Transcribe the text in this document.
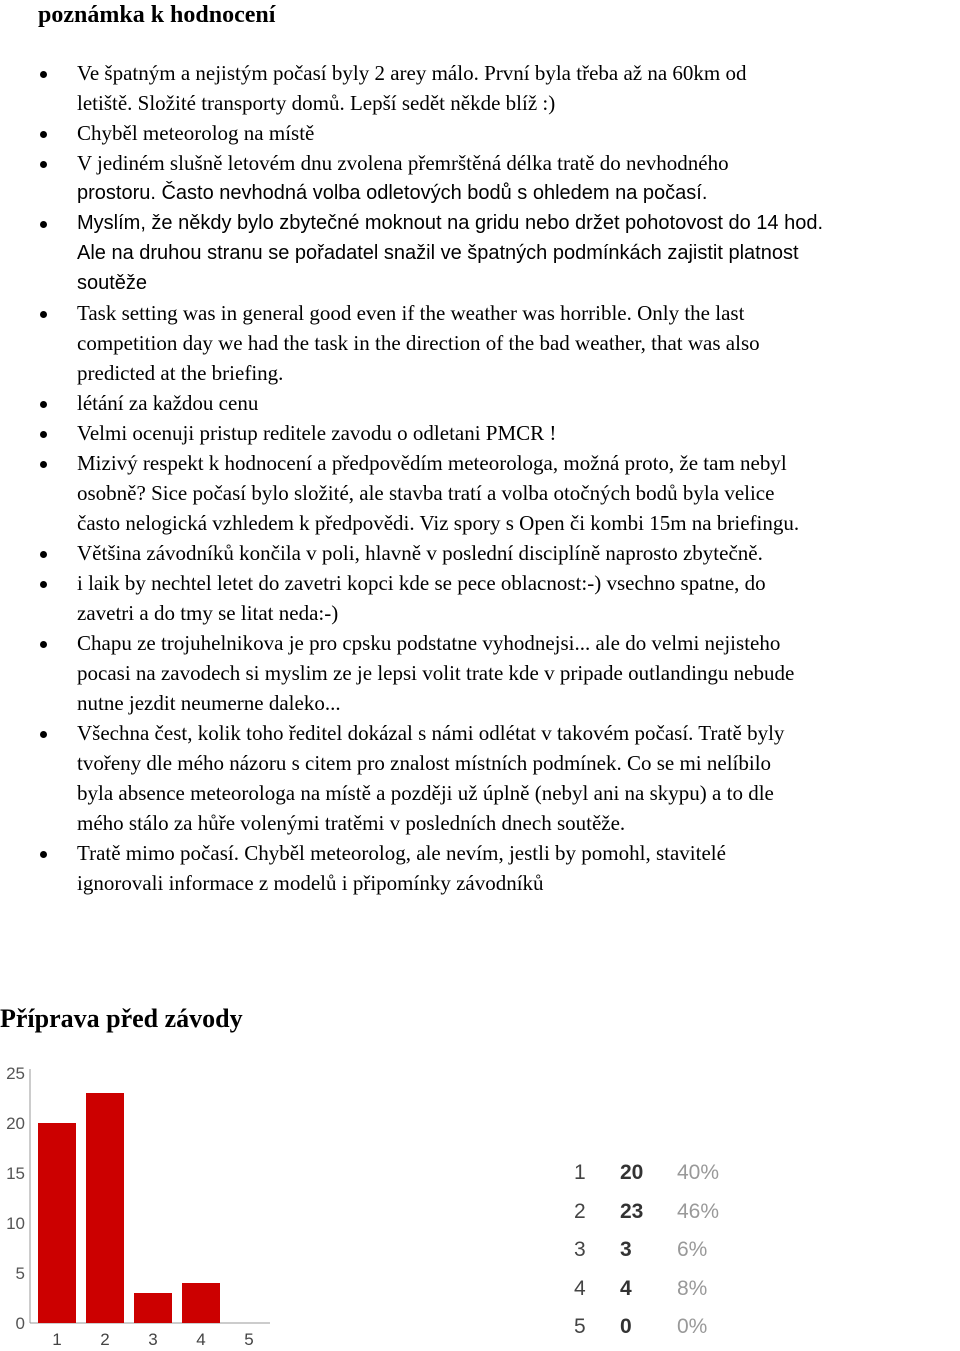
poznámka k hodnocení
Ve špatným a nejistým počasí byly 2 arey málo. První byla třeba až na 60km od
letiště. Složité transporty domů. Lepší sedět někde blíž :)
Chyběl meteorolog na místě
V jediném slušně letovém dnu zvolena přemrštěná délka tratě do nevhodného
prostoru. Často nevhodná volba odletových bodů s ohledem na počasí.
Myslím, že někdy bylo zbytečné moknout na gridu nebo držet pohotovost do 14 hod.
Ale na druhou stranu se pořadatel snažil ve špatných podmínkách zajistit platnost
soutěže
Task setting was in general good even if the weather was horrible. Only the last
competition day we had the task in the direction of the bad weather, that was also
predicted at the briefing.
létání za každou cenu
Velmi ocenuji pristup reditele zavodu o odletani PMCR !
Mizivý respekt k hodnocení a předpovědím meteorologa, možná proto, že tam nebyl
osobně? Sice počasí bylo složité, ale stavba tratí a volba otočných bodů byla velice
často nelogická vzhledem k předpovědi. Viz spory s Open či kombi 15m na briefingu.
Většina závodníků končila v poli, hlavně v poslední disciplíně naprosto zbytečně.
i laik by nechtel letet do zavetri kopci kde se pece oblacnost:-) vsechno spatne, do
zavetri a do tmy se litat neda:-)
Chapu ze trojuhelnikova je pro cpsku podstatne vyhodnejsi... ale do velmi nejisteho
pocasi na zavodech si myslim ze je lepsi volit trate kde v pripade outlandingu nebude
nutne jezdit neumerne daleko...
Všechna čest, kolik toho ředitel dokázal s námi odlétat v takovém počasí. Tratě byly
tvořeny dle mého názoru s citem pro znalost místních podmínek. Co se mi nelíbilo
byla absence meteorologa na místě a později už úplně (nebyl ani na skypu) a to dle
mého stálo za hůře volenými tratěmi v posledních dnech soutěže.
Tratě mimo počasí. Chyběl meteorolog, ale nevím, jestli by pomohl, stavitelé
ignorovali informace z modelů i připomínky závodníků
Příprava před závody
0
5
10
15
20
25
1 2 3 4 5
1 20 40%
2 23 46%
3 3 6%
4 4 8%
5 0 0%
